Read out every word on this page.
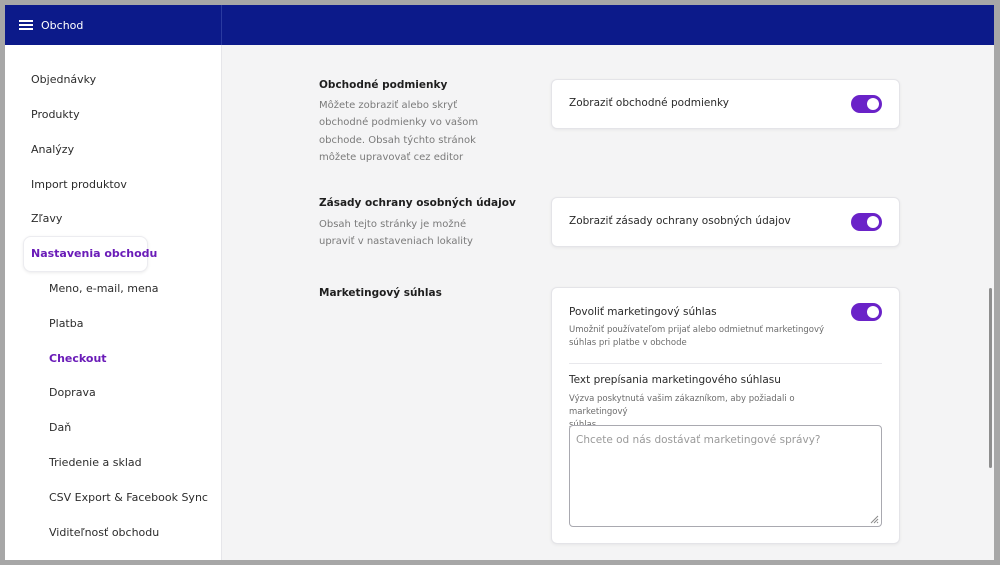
Obchod
Objednávky
Produkty
Analýzy
Import produktov
Zľavy
Nastavenia obchodu
Meno, e-mail, mena
Platba
Checkout
Doprava
Daň
Triedenie a sklad
CSV Export & Facebook Sync
Viditeľnosť obchodu
Obchodné podmienky
Môžete zobraziť alebo skryť
obchodné podmienky vo vašom
obchode. Obsah týchto stránok
môžete upravovať cez editor
Zobraziť obchodné podmienky
Zásady ochrany osobných údajov
Obsah tejto stránky je možné
upraviť v nastaveniach lokality
Zobraziť zásady ochrany osobných údajov
Marketingový súhlas
Povoliť marketingový súhlas
Umožniť používateľom prijať alebo odmietnuť marketingový
súhlas pri platbe v obchode
Text prepísania marketingového súhlasu
Výzva poskytnutá vašim zákazníkom, aby požiadali o marketingový
Chcete od nás dostávať marketingové správy?
